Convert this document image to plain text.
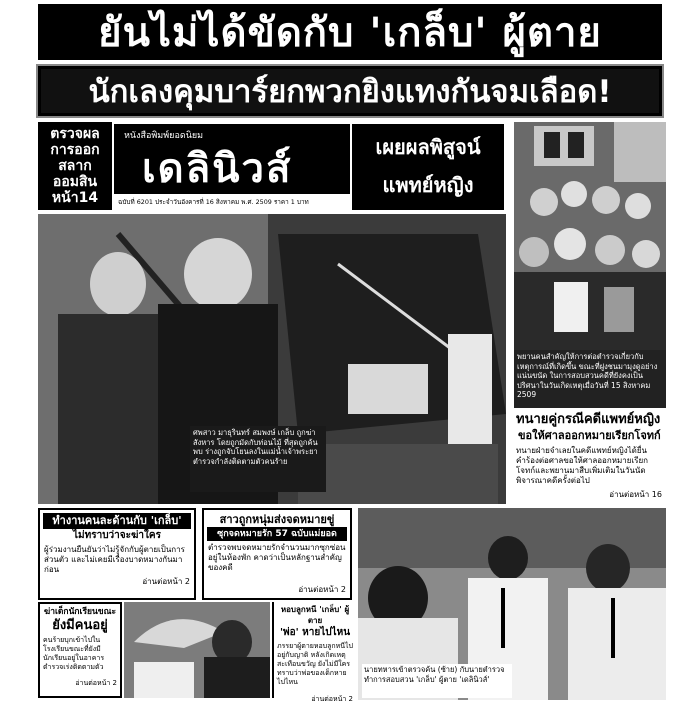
ยันไม่ได้ขัดกับ 'เกล็บ' ผู้ตาย
นักเลงคุมบาร์ยกพวกยิงแทงกันจมเลือด!
ตรวจผล
การออก
สลาก
ออมสิน
หน้า14
หนังสือพิมพ์ยอดนิยม
เดลินิวส์
ฉบับที่ 6201 ประจำวันอังคารที่ 16 สิงหาคม พ.ศ. 2509 ราคา 1 บาท
เผยผลพิสูจน์
แพทย์หญิง
พยานคนสำคัญให้การต่อตำรวจเกี่ยวกับเหตุการณ์ที่เกิดขึ้น ขณะที่ฝูงชนมามุงดูอย่างแน่นขนัด ในการสอบสวนคดีที่ยังคงเป็นปริศนาในวันเกิดเหตุเมื่อวันที่ 15 สิงหาคม 2509
ศพสาว มาธุรินทร์ สมพงษ์ เกล็บ ถูกฆ่าสังหาร โดยถูกมัดกับท่อนไม้ ที่สุดถูกค้นพบ ร่างถูกจับโยนลงในแม่น้ำเจ้าพระยา ตำรวจกำลังติดตามตัวคนร้าย
ทนายคู่กรณีคดีแพทย์หญิง
ขอให้ศาลออกหมายเรียกโจทก์
ทนายฝ่ายจำเลยในคดีแพทย์หญิงได้ยื่นคำร้องต่อศาลขอให้ศาลออกหมายเรียกโจทก์และพยานมาสืบเพิ่มเติมในวันนัดพิจารณาคดีครั้งต่อไป
อ่านต่อหน้า 16
ทำงานคนละด้านกับ 'เกล็บ'
ไม่ทราบว่าจะฆ่าใคร
ผู้ร่วมงานยืนยันว่าไม่รู้จักกับผู้ตายเป็นการส่วนตัว และไม่เคยมีเรื่องบาดหมางกันมาก่อน
อ่านต่อหน้า 2
สาวถูกหนุ่มส่งจดหมายขู่
ซุกจดหมายรัก 57 ฉบับแม่ยอด
ตำรวจพบจดหมายรักจำนวนมากซุกซ่อนอยู่ในห้องพัก คาดว่าเป็นหลักฐานสำคัญของคดี
อ่านต่อหน้า 2
นายทหารเข้าตรวจค้น (ซ้าย) กับนายตำรวจทำการสอบสวน 'เกล็บ' ผู้ตาย 'เดลินิวส์'
ฆ่าเด็กนักเรียนขณะ
ยังมีคนอยู่
คนร้ายบุกเข้าไปในโรงเรียนขณะที่ยังมีนักเรียนอยู่ในอาคาร ตำรวจเร่งติดตามตัว
อ่านต่อหน้า 2
หอบลูกหนี 'เกล็บ' ผู้ตาย
'พ่อ' หายไปไหน
ภรรยาผู้ตายหอบลูกหนีไปอยู่กับญาติ หลังเกิดเหตุสะเทือนขวัญ ยังไม่มีใครทราบว่าพ่อของเด็กหายไปไหน
อ่านต่อหน้า 2
